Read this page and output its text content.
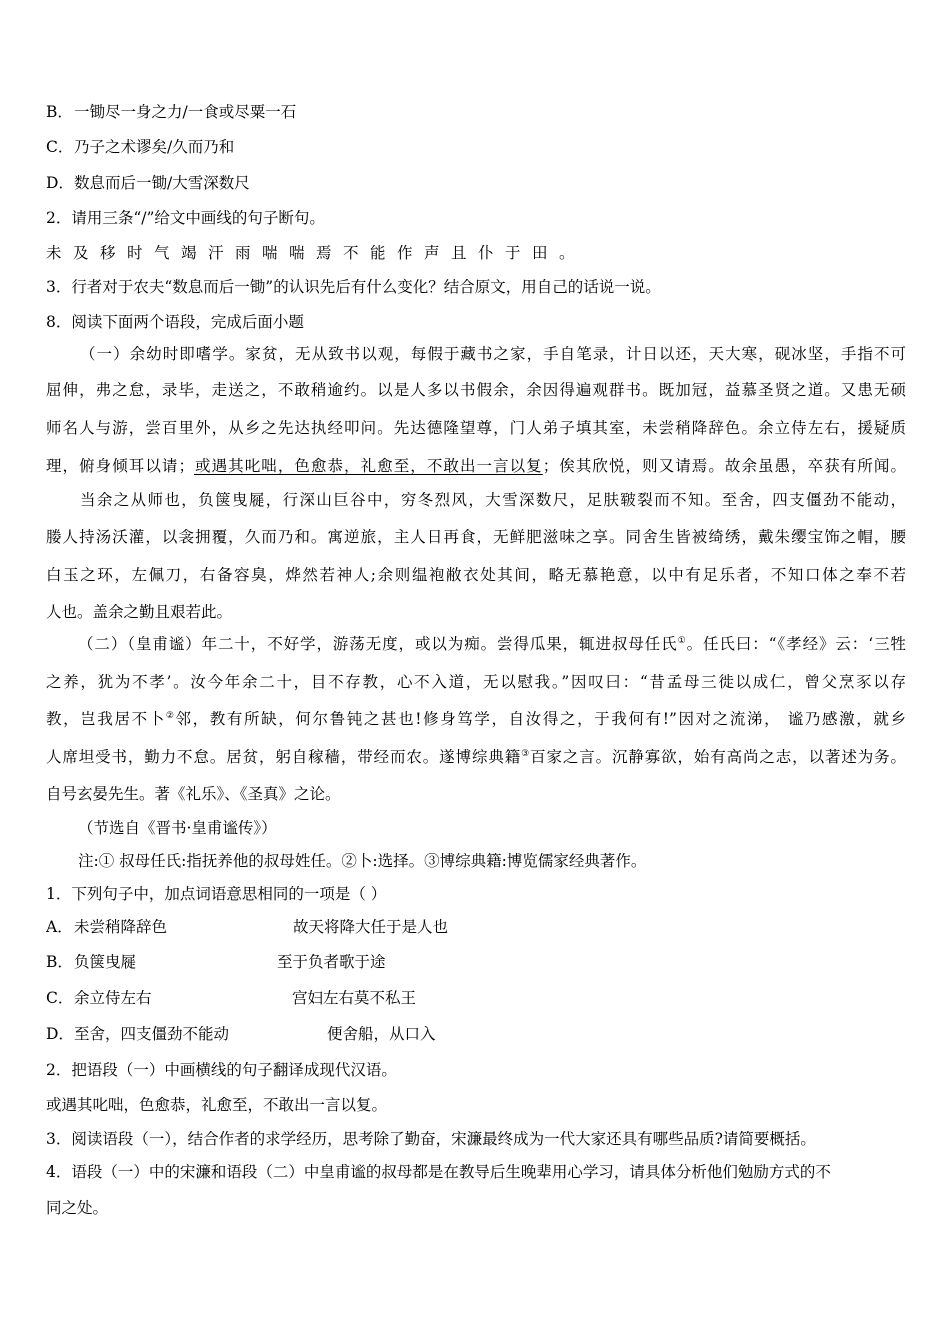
B．一锄尽一身之力/一食或尽粟一石
C．乃子之术谬矣/久而乃和
D．数息而后一锄/大雪深数尺
2．请用三条“/”给文中画线的句子断句。
未及移时气竭汗雨喘喘焉不能作声且仆于田。
3．行者对于农夫“数息而后一锄”的认识先后有什么变化？结合原文，用自己的话说一说。
8．阅读下面两个语段，完成后面小题
（一）余幼时即嗜学。家贫，无从致书以观，每假于藏书之家，手自笔录，计日以还，天大寒，砚冰坚，手指不可
屈伸，弗之怠，录毕，走送之，不敢稍逾约。以是人多以书假余，余因得遍观群书。既加冠，益慕圣贤之道。又患无硕
师名人与游，尝百里外，从乡之先达执经叩问。先达德隆望尊，门人弟子填其室，未尝稍降辞色。余立侍左右，援疑质
理，俯身倾耳以请；或遇其叱咄，色愈恭，礼愈至，不敢出一言以复；俟其欣悦，则又请焉。故余虽愚，卒获有所闻。
当余之从师也，负箧曳屣，行深山巨谷中，穷冬烈风，大雪深数尺，足肤皲裂而不知。至舍，四支僵劲不能动，
媵人持汤沃灌，以衾拥覆，久而乃和。寓逆旅，主人日再食，无鲜肥滋味之享。同舍生皆被绮绣，戴朱缨宝饰之帽，腰
白玉之环，左佩刀，右备容臭，烨然若神人;余则缊袍敝衣处其间，略无慕艳意，以中有足乐者，不知口体之奉不若
人也。盖余之勤且艰若此。
（二）（皇甫谧）年二十，不好学，游荡无度，或以为痴。尝得瓜果，辄进叔母任氏①。任氏曰：“《孝经》云：‘三牲
之养，犹为不孝’。汝今年余二十，目不存教，心不入道，无以慰我。”因叹曰：“昔孟母三徙以成仁，曾父烹豕以存
教，岂我居不卜②邻，教有所缺，何尔鲁钝之甚也!修身笃学，自汝得之，于我何有!”因对之流涕， 谧乃感激，就乡
人席坦受书，勤力不怠。居贫，躬自稼穑，带经而农。遂博综典籍③百家之言。沉静寡欲，始有高尚之志，以著述为务。
自号玄晏先生。著《礼乐》、《圣真》之论。
（节选自《晋书·皇甫谧传》）
注:① 叔母任氏:指抚养他的叔母姓任。②卜:选择。③博综典籍:博览儒家经典著作。
1．下列句子中，加点词语意思相同的一项是（ ）
A．未尝稍降辞色	故天将降大任于是人也
B．负箧曳屣	至于负者歌于途
C．余立侍左右	宫妇左右莫不私王
D．至舍，四支僵劲不能动	便舍船，从口入
2．把语段（一）中画横线的句子翻译成现代汉语。
或遇其叱咄，色愈恭，礼愈至，不敢出一言以复。
3．阅读语段（一），结合作者的求学经历，思考除了勤奋，宋濂最终成为一代大家还具有哪些品质?请简要概括。
4．语段（一）中的宋濂和语段（二）中皇甫谧的叔母都是在教导后生晚辈用心学习，请具体分析他们勉励方式的不
同之处。
